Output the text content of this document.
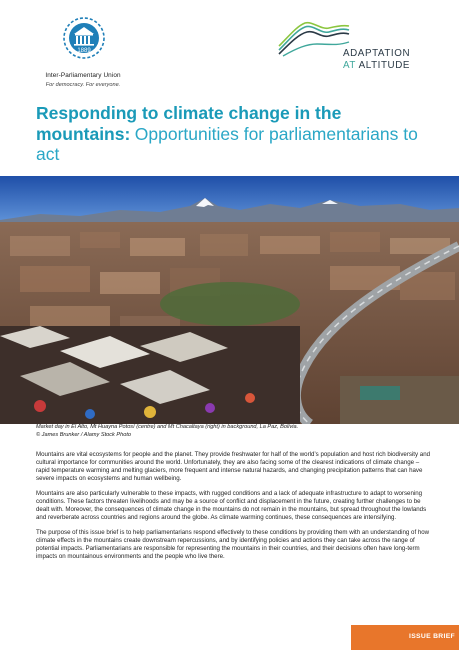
1889
Inter-Parliamentary Union
For democracy. For everyone.
ADAPTATION
AT ALTITUDE
Responding to climate change in the mountains: Opportunities for parliamentarians to act
Market day in El Alto, Mt Huayna Potosí (centre) and Mt Chacaltaya (right) in background, La Paz, Bolivia.
© James Brunker / Alamy Stock Photo

Mountains are vital ecosystems for people and the planet. They provide freshwater for half of the world’s population and host rich biodiversity and cultural importance for communities around the world. Unfortunately, they are also facing some of the clearest indications of climate change – rapid temperature warming and melting glaciers, more frequent and intense natural hazards, and changing precipitation patterns that can have severe impacts on ecosystems and human wellbeing.

Mountains are also particularly vulnerable to these impacts, with rugged conditions and a lack of adequate infrastructure to adapt to worsening conditions. These factors threaten livelihoods and may be a source of conflict and displacement in the future, creating further challenges to be dealt with. Moreover, the consequences of climate change in the mountains do not remain in the mountains, but spread throughout the lowlands and reverberate across countries and regions around the globe. As climate warming continues, these consequences are intensifying.

The purpose of this issue brief is to help parliamentarians respond effectively to these conditions by providing them with an understanding of how climate effects in the mountains create downstream repercussions, and by identifying policies and actions they can take across the range of potential impacts. Parliamentarians are responsible for representing the mountains in their countries, and their decisions often have long-term impacts on mountainous environments and the people who live there.

ISSUE BRIEF
